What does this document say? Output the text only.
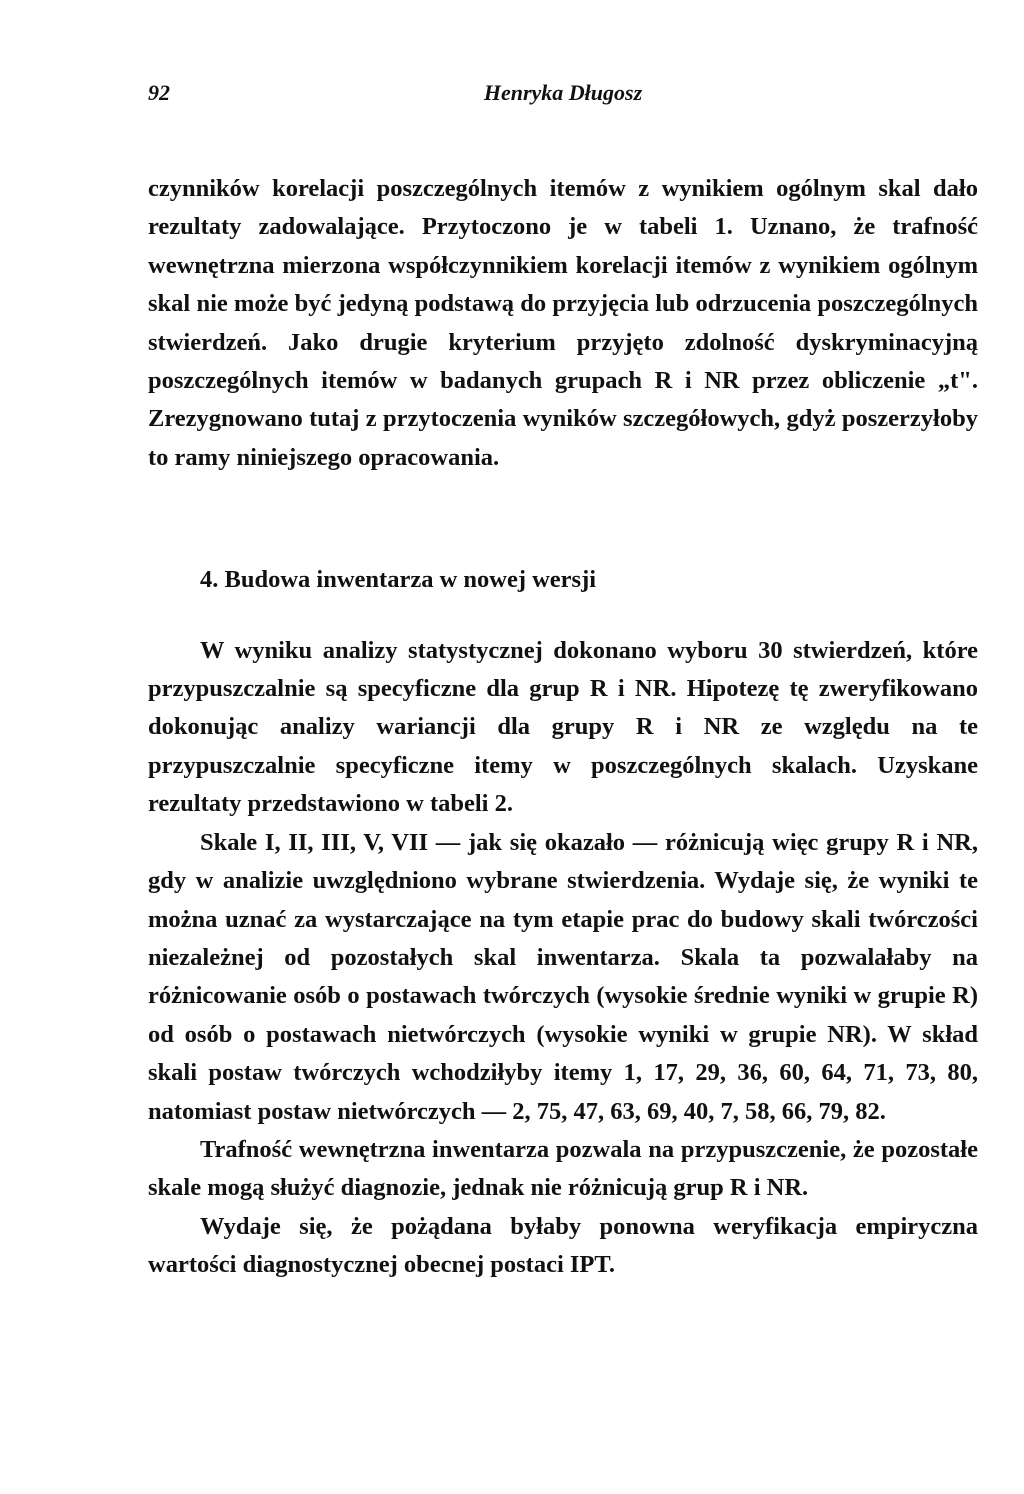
92	Henryka Długosz

czynników korelacji poszczególnych itemów z wynikiem ogólnym skal dało rezultaty zadowalające. Przytoczono je w tabeli 1. Uznano, że trafność wewnętrzna mierzona współczynnikiem korelacji itemów z wynikiem ogólnym skal nie może być jedyną podstawą do przyjęcia lub odrzucenia poszczególnych stwierdzeń. Jako drugie kryterium przyjęto zdolność dyskryminacyjną poszczególnych itemów w badanych grupach R i NR przez obliczenie „t". Zrezygnowano tutaj z przytoczenia wyników szczegółowych, gdyż poszerzyłoby to ramy niniejszego opracowania.

4. Budowa inwentarza w nowej wersji

W wyniku analizy statystycznej dokonano wyboru 30 stwierdzeń, które przypuszczalnie są specyficzne dla grup R i NR. Hipotezę tę zweryfikowano dokonując analizy wariancji dla grupy R i NR ze względu na te przypuszczalnie specyficzne itemy w poszczególnych skalach. Uzyskane rezultaty przedstawiono w tabeli 2.

Skale I, II, III, V, VII — jak się okazało — różnicują więc grupy R i NR, gdy w analizie uwzględniono wybrane stwierdzenia. Wydaje się, że wyniki te można uznać za wystarczające na tym etapie prac do budowy skali twórczości niezależnej od pozostałych skal inwentarza. Skala ta pozwalałaby na różnicowanie osób o postawach twórczych (wysokie średnie wyniki w grupie R) od osób o postawach nietwórczych (wysokie wyniki w grupie NR). W skład skali postaw twórczych wchodziłyby itemy 1, 17, 29, 36, 60, 64, 71, 73, 80, natomiast postaw nietwórczych — 2, 75, 47, 63, 69, 40, 7, 58, 66, 79, 82.

Trafność wewnętrzna inwentarza pozwala na przypuszczenie, że pozostałe skale mogą służyć diagnozie, jednak nie różnicują grup R i NR.

Wydaje się, że pożądana byłaby ponowna weryfikacja empiryczna wartości diagnostycznej obecnej postaci IPT.
